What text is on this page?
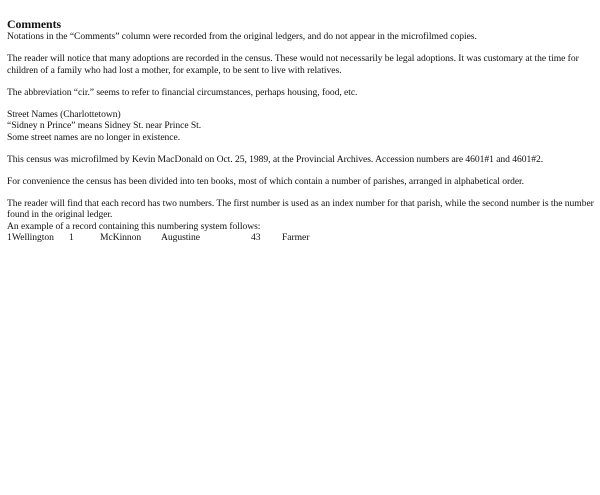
Comments

Notations in the “Comments” column were recorded from the original ledgers, and do not appear in the microfilmed copies.

The reader will notice that many adoptions are recorded in the census. These would not necessarily be legal adoptions. It was customary at the time for children of a family who had lost a mother, for example, to be sent to live with relatives.

The abbreviation “cir.” seems to refer to financial circumstances, perhaps housing, food, etc.

Street Names (Charlottetown)

“Sidney n Prince” means Sidney St. near Prince St.

Some street names are no longer in existence.

This census was microfilmed by Kevin MacDonald on Oct. 25, 1989, at the Provincial Archives. Accession numbers are 4601#1 and 4601#2.

For convenience the census has been divided into ten books, most of which contain a number of parishes, arranged in alphabetical order.

The reader will find that each record has two numbers. The first number is used as an index number for that parish, while the second number is the number found in the original ledger.

An example of a record containing this numbering system follows:

1 Wellington 1	McKinnon Augustine	43 Farmer
